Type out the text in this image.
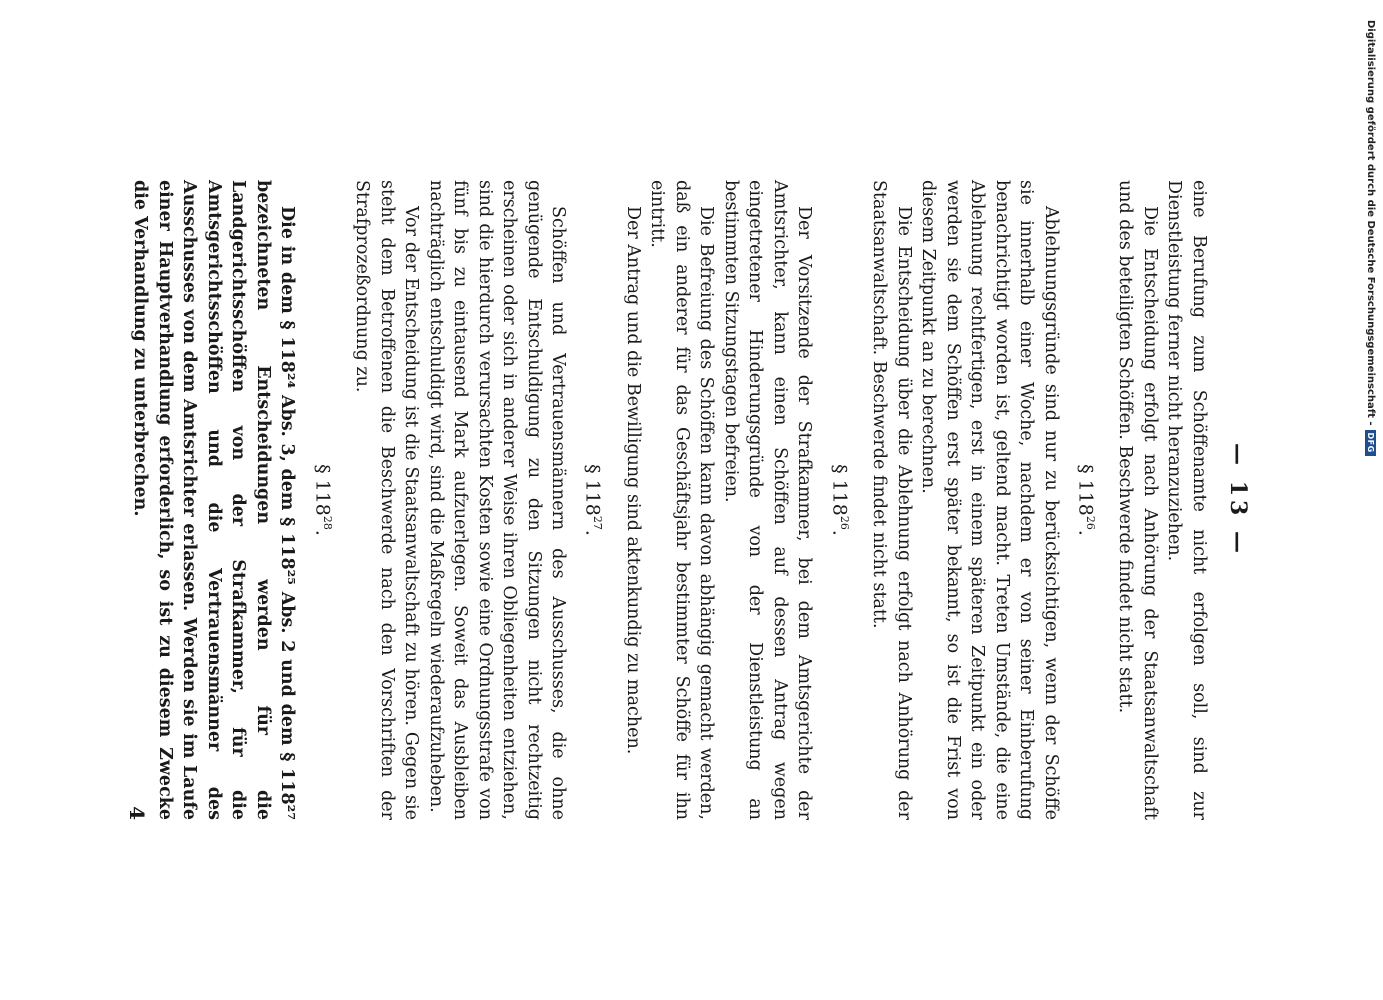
— 13 —

eine Berufung zum Schöffenamte nicht erfolgen soll, sind zur Dienstleistung ferner nicht heranzuziehen.

Die Entscheidung erfolgt nach Anhörung der Staatsanwaltschaft und des beteiligten Schöffen. Beschwerde findet nicht statt.

§ $118^{26}$.

Ablehnungsgründe sind nur zu berücksichtigen, wenn der Schöffe sie innerhalb einer Woche, nachdem er von seiner Einberufung benachrichtigt worden ist, geltend macht. Treten Umstände, die eine Ablehnung rechtfertigen, erst in einem späteren Zeitpunkt ein oder werden sie dem Schöffen erst später bekannt, so ist die Frist von diesem Zeitpunkt an zu berechnen.

Die Entscheidung über die Ablehnung erfolgt nach Anhörung der Staatsanwaltschaft. Beschwerde findet nicht statt.

§ $118^{26}$.

Der Vorsitzende der Strafkammer, bei dem Amtsgerichte der Amtsrichter, kann einen Schöffen auf dessen Antrag wegen eingetretener Hinderungsgründe von der Dienstleistung an bestimmten Sitzungstagen befreien.

Die Befreiung des Schöffen kann davon abhängig gemacht werden, daß ein anderer für das Geschäftsjahr bestimmter Schöffe für ihn eintritt.

Der Antrag und die Bewilligung sind aktenkundig zu machen.

§ $118^{27}$.

Schöffen und Vertrauensmännern des Ausschusses, die ohne genügende Entschuldigung zu den Sitzungen nicht rechtzeitig erscheinen oder sich in anderer Weise ihren Obliegenheiten entziehen, sind die hierdurch verursachten Kosten sowie eine Ordnungsstrafe von fünf bis zu eintausend Mark aufzuerlegen. Soweit das Ausbleiben nachträglich entschuldigt wird, sind die Maßregeln wiederaufzuheben.

Vor der Entscheidung ist die Staatsanwaltschaft zu hören. Gegen sie steht dem Betroffenen die Beschwerde nach den Vorschriften der Strafprozeßordnung zu.

§ $118^{28}$.

Die in dem § 118²⁴ Abs. 3, dem § 118²⁵ Abs. 2 und dem § 118²⁷ bezeichneten Entscheidungen werden für die Landgerichtsschöffen von der Strafkammer, für die Amtsgerichtsschöffen und die Vertrauensmänner des Ausschusses von dem Amtsrichter erlassen. Werden sie im Laufe einer Hauptverhandlung erforderlich, so ist zu diesem Zwecke die Verhandlung zu unterbrechen.

4
Digitalisierung gefördert durch die Deutsche Forschungsgemeinschaft -
DFG
